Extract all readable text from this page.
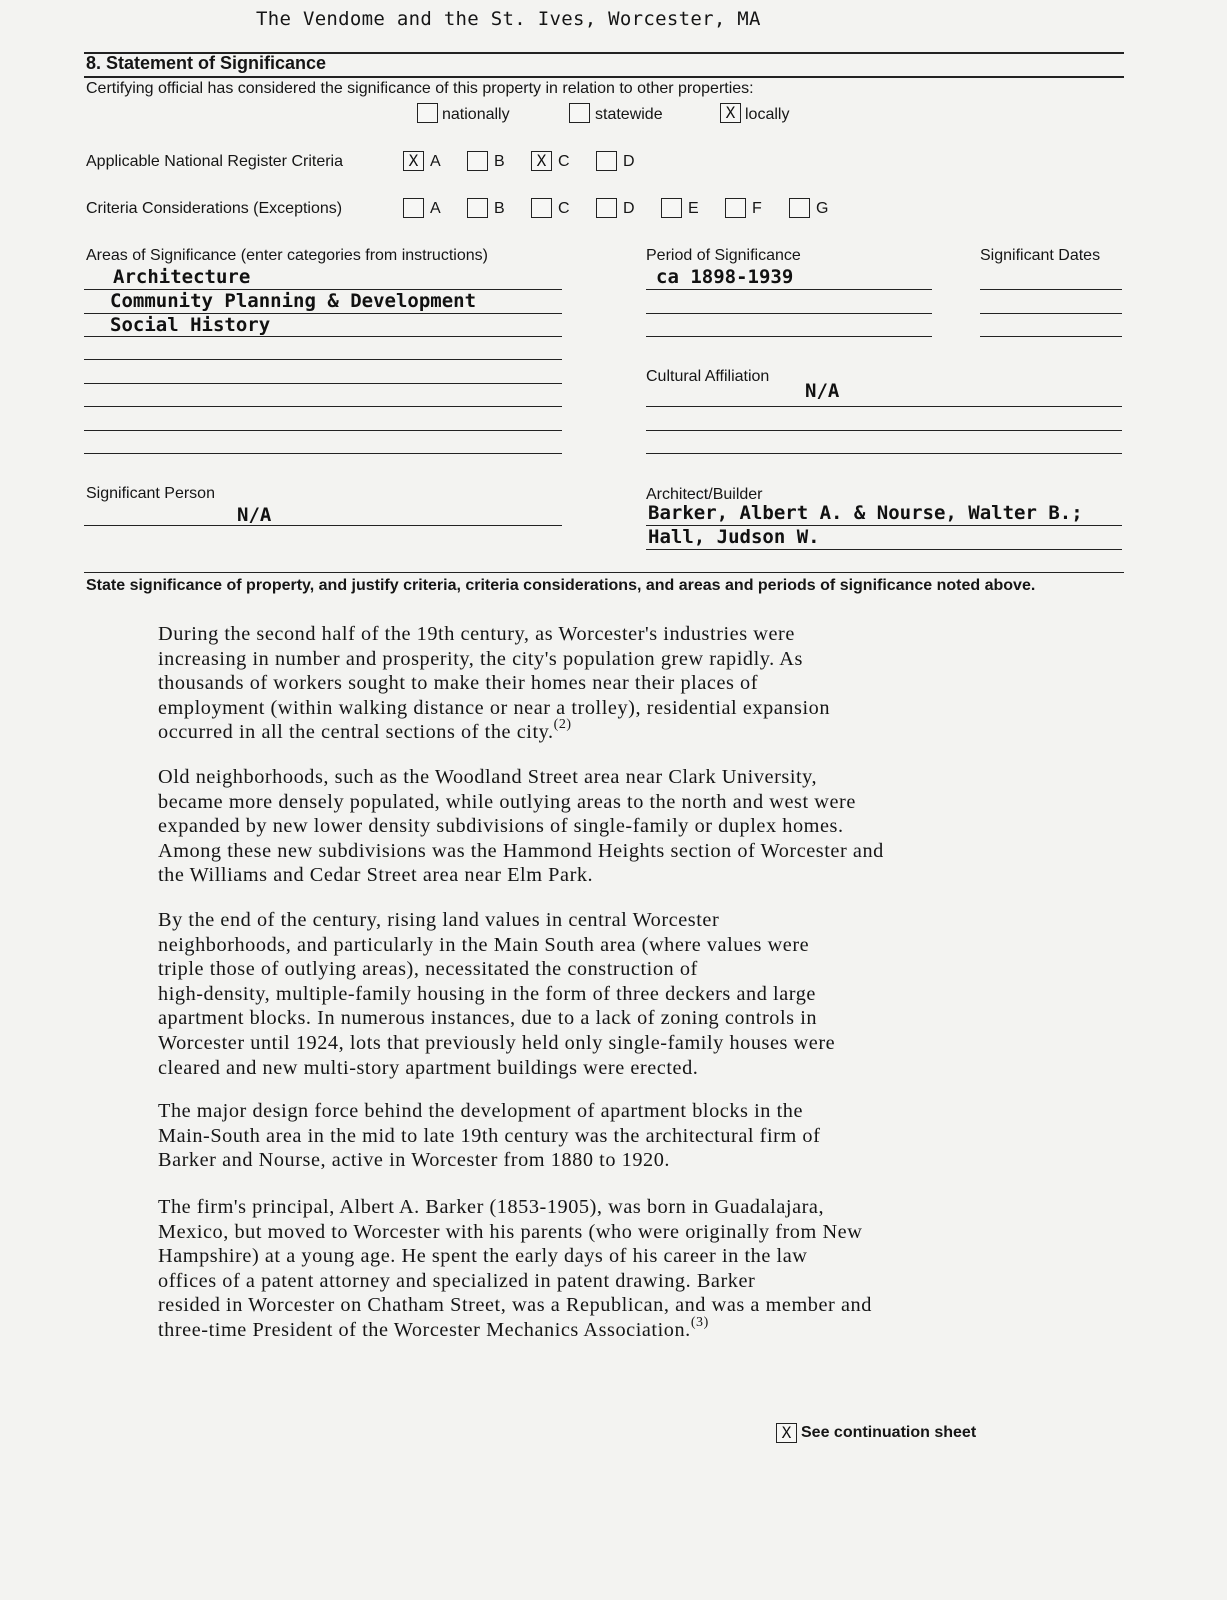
The Vendome and the St. Ives, Worcester, MA
8. Statement of Significance
Certifying official has considered the significance of this property in relation to other properties:
nationally	statewide	X locally
Applicable National Register Criteria	X A	B	X C	D
Criteria Considerations (Exceptions)	A	B	C	D	E	F	G
Areas of Significance (enter categories from instructions)
Architecture
Community Planning & Development
Social History
Period of Significance
ca 1898-1939
Significant Dates
Cultural Affiliation
N/A
Significant Person
N/A
Architect/Builder
Barker, Albert A. & Nourse, Walter B.;
Hall, Judson W.
State significance of property, and justify criteria, criteria considerations, and areas and periods of significance noted above.
During the second half of the 19th century, as Worcester's industries were
increasing in number and prosperity, the city's population grew rapidly. As
thousands of workers sought to make their homes near their places of
employment (within walking distance or near a trolley), residential expansion
occurred in all the central sections of the city.$^{(2)}$
Old neighborhoods, such as the Woodland Street area near Clark University,
became more densely populated, while outlying areas to the north and west were
expanded by new lower density subdivisions of single-family or duplex homes.
Among these new subdivisions was the Hammond Heights section of Worcester and
the Williams and Cedar Street area near Elm Park.
By the end of the century, rising land values in central Worcester
neighborhoods, and particularly in the Main South area (where values were
triple those of outlying areas), necessitated the construction of
high-density, multiple-family housing in the form of three deckers and large
apartment blocks. In numerous instances, due to a lack of zoning controls in
Worcester until 1924, lots that previously held only single-family houses were
cleared and new multi-story apartment buildings were erected.
The major design force behind the development of apartment blocks in the
Main-South area in the mid to late 19th century was the architectural firm of
Barker and Nourse, active in Worcester from 1880 to 1920.
The firm's principal, Albert A. Barker (1853-1905), was born in Guadalajara,
Mexico, but moved to Worcester with his parents (who were originally from New
Hampshire) at a young age. He spent the early days of his career in the law
offices of a patent attorney and specialized in patent drawing. Barker
resided in Worcester on Chatham Street, was a Republican, and was a member and
three-time President of the Worcester Mechanics Association.$^{(3)}$
X See continuation sheet
